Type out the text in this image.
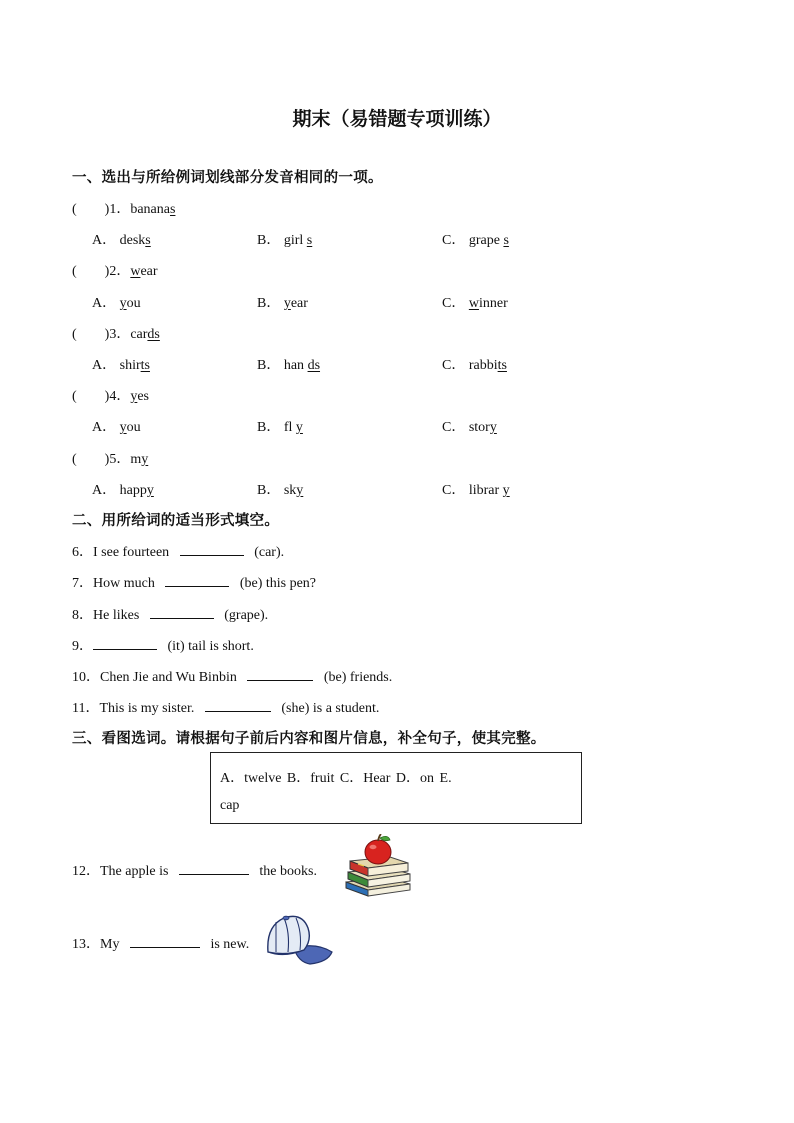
期末（易错题专项训练）
一、选出与所给例词划线部分发音相同的一项。
(　　)1．bananas
A． desks	B． girl s	C． grape s
(　　)2．wear
A． you	B． year	C． winner
(　　)3．cards
A． shirts	B． han ds	C． rabbits
(　　)4．yes
A． you	B． fl y	C． story
(　　)5．my
A． happy	B． sky	C． librar y
二、用所给词的适当形式填空。
6．I see fourteen	(car).
7．How much	(be) this pen?
8．He likes	(grape).
9．	(it) tail is short.
10．Chen Jie and Wu Binbin	(be) friends.
11．This is my sister.	(she) is a student.
三、看图选词。请根据句子前后内容和图片信息，补全句子，使其完整。
A．twelve B．fruit C．Hear D．on E.
cap
12．The apple is	the books.
13．My	is new.
